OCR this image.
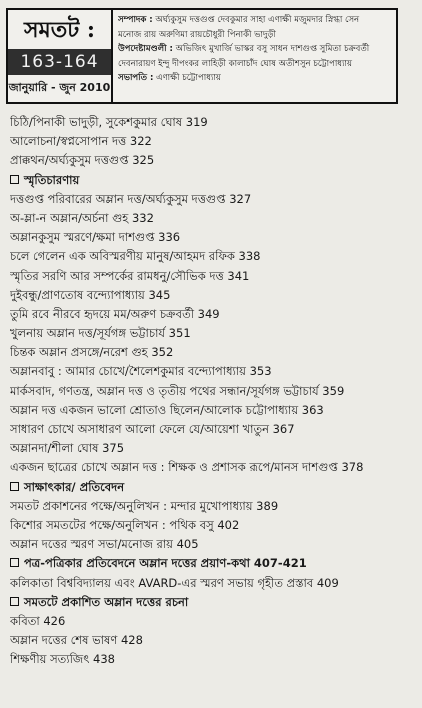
সমতট :
163-164
জানুয়ারি - জুন 2010
সম্পাদক : অর্ঘ্যকুসুম দত্তগুপ্ত দেবকুমার সাহা এণাক্ষী মজুমদার স্নিগ্ধা সেন
মনোজ রায় অরুণিমা রায়চৌধুরী পিনাকী ভাদুড়ী
উপদেষ্টামণ্ডলী : অভিজিৎ মুখার্জি ভাস্কর বসু সাধন দাশগুপ্ত সুমিতা চক্রবর্তী
দেবনারায়ণ ইন্দু দীপংকর লাহিড়ী কালাচাঁদ ঘোষ অতীশসুন চট্টোপাধ্যায়
সভাপতি : এণাক্ষী চট্টোপাধ্যায়
চিঠি/পিনাকী ভাদুড়ী, সুকেশকুমার ঘোষ 319
আলোচনা/স্বপ্নসোপান দত্ত 322
প্রাক্কথন/অর্ঘ্যকুসুম দত্তগুপ্ত 325
স্মৃতিচারণায়
দত্তগুপ্ত পরিবারের অম্লান দত্ত/অর্ঘ্যকুসুম দত্তগুপ্ত 327
অ-ম্লা-ন অম্লান/অর্চনা গুহ 332
অম্লানকুসুম স্মরণে/ক্ষমা দাশগুপ্ত 336
চলে গেলেন এক অবিস্মরণীয় মানুষ/আহমদ রফিক 338
স্মৃতির সরণি আর সম্পর্কের রামধনু/সৌভিক দত্ত 341
দুইবন্ধু/প্রাণতোষ বন্দ্যোপাধ্যায় 345
তুমি রবে নীরবে হৃদয়ে মম/অরুণ চক্রবর্তী 349
খুলনায় অম্লান দত্ত/সূর্যগঙ্গ ভট্টাচার্য 351
চিন্তক অম্লান প্রসঙ্গে/নরেশ গুহ 352
অম্লানবাবু : আমার চোখে/শৈলেশকুমার বন্দ্যোপাধ্যায় 353
মার্কসবাদ, গণতন্ত্র, অম্লান দত্ত ও তৃতীয় পথের সন্ধান/সূর্যগঙ্গ ভট্টাচার্য 359
অম্লান দত্ত একজন ভালো শ্রোতাও ছিলেন/আলোক চট্টোপাধ্যায় 363
সাধারণ চোখে অসাধারণ আলো ফেলে যে/আয়েশা খাতুন 367
অম্লানদা/শীলা ঘোষ 375
একজন ছাত্রের চোখে অম্লান দত্ত : শিক্ষক ও প্রশাসক রূপে/মানস দাশগুপ্ত 378
সাক্ষাৎকার/ প্রতিবেদন
সমতট প্রকাশনের পক্ষে/অনুলিখন : মন্দার মুখোপাধ্যায় 389
কিশোর সমতটের পক্ষে/অনুলিখন : পথিক বসু 402
অম্লান দত্তের স্মরণ সভা/মনোজ রায় 405
পত্র-পত্রিকার প্রতিবেদনে অম্লান দত্তের প্রয়াণ-কথা 407-421
কলিকাতা বিশ্ববিদ্যালয় এবং AVARD-এর স্মরণ সভায় গৃহীত প্রস্তাব 409
সমতটে প্রকাশিত অম্লান দত্তের রচনা
কবিতা 426
অম্লান দত্তের শেষ ভাষণ 428
শিক্ষণীয় সত্যজিৎ 438
